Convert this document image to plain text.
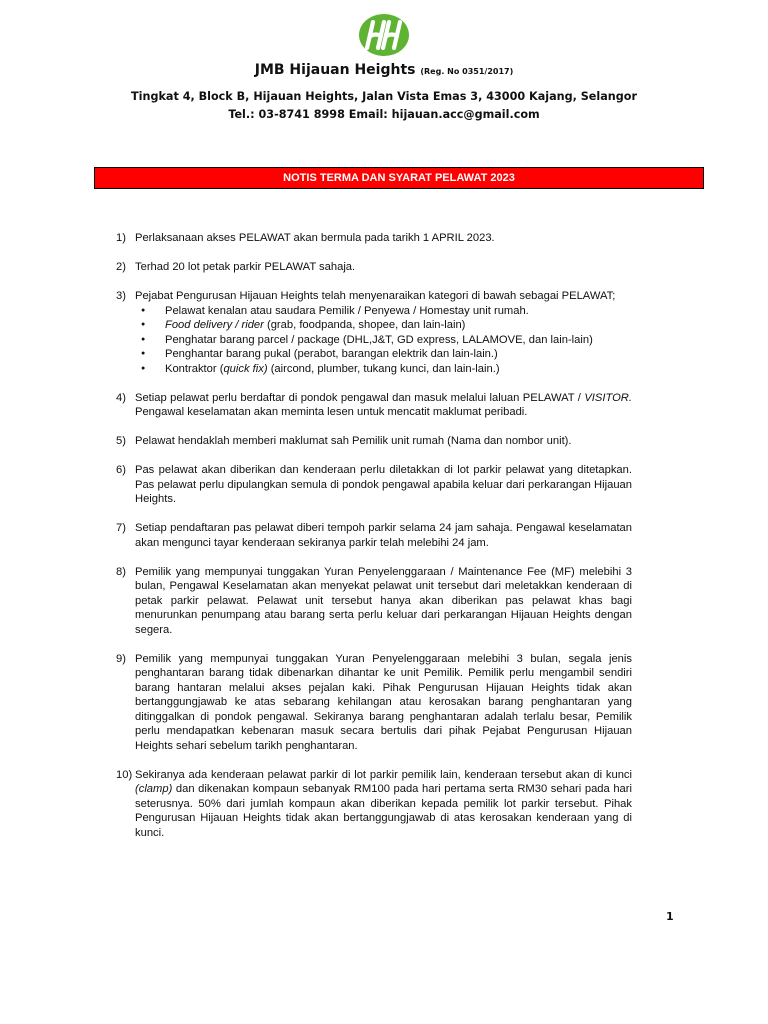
JMB Hijauan Heights (Reg. No 0351/2017)
Tingkat 4, Block B, Hijauan Heights, Jalan Vista Emas 3, 43000 Kajang, Selangor
Tel.: 03-8741 8998 Email: hijauan.acc@gmail.com
NOTIS TERMA DAN SYARAT PELAWAT 2023
1) Perlaksanaan akses PELAWAT akan bermula pada tarikh 1 APRIL 2023.

2) Terhad 20 lot petak parkir PELAWAT sahaja.

3) Pejabat Pengurusan Hijauan Heights telah menyenaraikan kategori di bawah sebagai PELAWAT;

● Pelawat kenalan atau saudara Pemilik / Penyewa / Homestay unit rumah.
● Food delivery / rider (grab, foodpanda, shopee, dan lain-lain)
● Penghatar barang parcel / package (DHL,J&T, GD express, LALAMOVE, dan lain-lain)
● Penghantar barang pukal (perabot, barangan elektrik dan lain-lain.)
● Kontraktor (quick fix) (aircond, plumber, tukang kunci, dan lain-lain.)
4) Setiap pelawat perlu berdaftar di pondok pengawal dan masuk melalui laluan PELAWAT / VISITOR. Pengawal keselamatan akan meminta lesen untuk mencatit maklumat peribadi.

5) Pelawat hendaklah memberi maklumat sah Pemilik unit rumah (Nama dan nombor unit).

6) Pas pelawat akan diberikan dan kenderaan perlu diletakkan di lot parkir pelawat yang ditetapkan. Pas pelawat perlu dipulangkan semula di pondok pengawal apabila keluar dari perkarangan Hijauan Heights.

7) Setiap pendaftaran pas pelawat diberi tempoh parkir selama 24 jam sahaja. Pengawal keselamatan akan mengunci tayar kenderaan sekiranya parkir telah melebihi 24 jam.

8) Pemilik yang mempunyai tunggakan Yuran Penyelenggaraan / Maintenance Fee (MF) melebihi 3 bulan, Pengawal Keselamatan akan menyekat pelawat unit tersebut dari meletakkan kenderaan di petak parkir pelawat. Pelawat unit tersebut hanya akan diberikan pas pelawat khas bagi menurunkan penumpang atau barang serta perlu keluar dari perkarangan Hijauan Heights dengan segera.

9) Pemilik yang mempunyai tunggakan Yuran Penyelenggaraan melebihi 3 bulan, segala jenis penghantaran barang tidak dibenarkan dihantar ke unit Pemilik. Pemilik perlu mengambil sendiri barang hantaran melalui akses pejalan kaki. Pihak Pengurusan Hijauan Heights tidak akan bertanggungjawab ke atas sebarang kehilangan atau kerosakan barang penghantaran yang ditinggalkan di pondok pengawal. Sekiranya barang penghantaran adalah terlalu besar, Pemilik perlu mendapatkan kebenaran masuk secara bertulis dari pihak Pejabat Pengurusan Hijauan Heights sehari sebelum tarikh penghantaran.

10) Sekiranya ada kenderaan pelawat parkir di lot parkir pemilik lain, kenderaan tersebut akan di kunci (clamp) dan dikenakan kompaun sebanyak RM100 pada hari pertama serta RM30 sehari pada hari seterusnya. 50% dari jumlah kompaun akan diberikan kepada pemilik lot parkir tersebut. Pihak Pengurusan Hijauan Heights tidak akan bertanggungjawab di atas kerosakan kenderaan yang di kunci.

1
